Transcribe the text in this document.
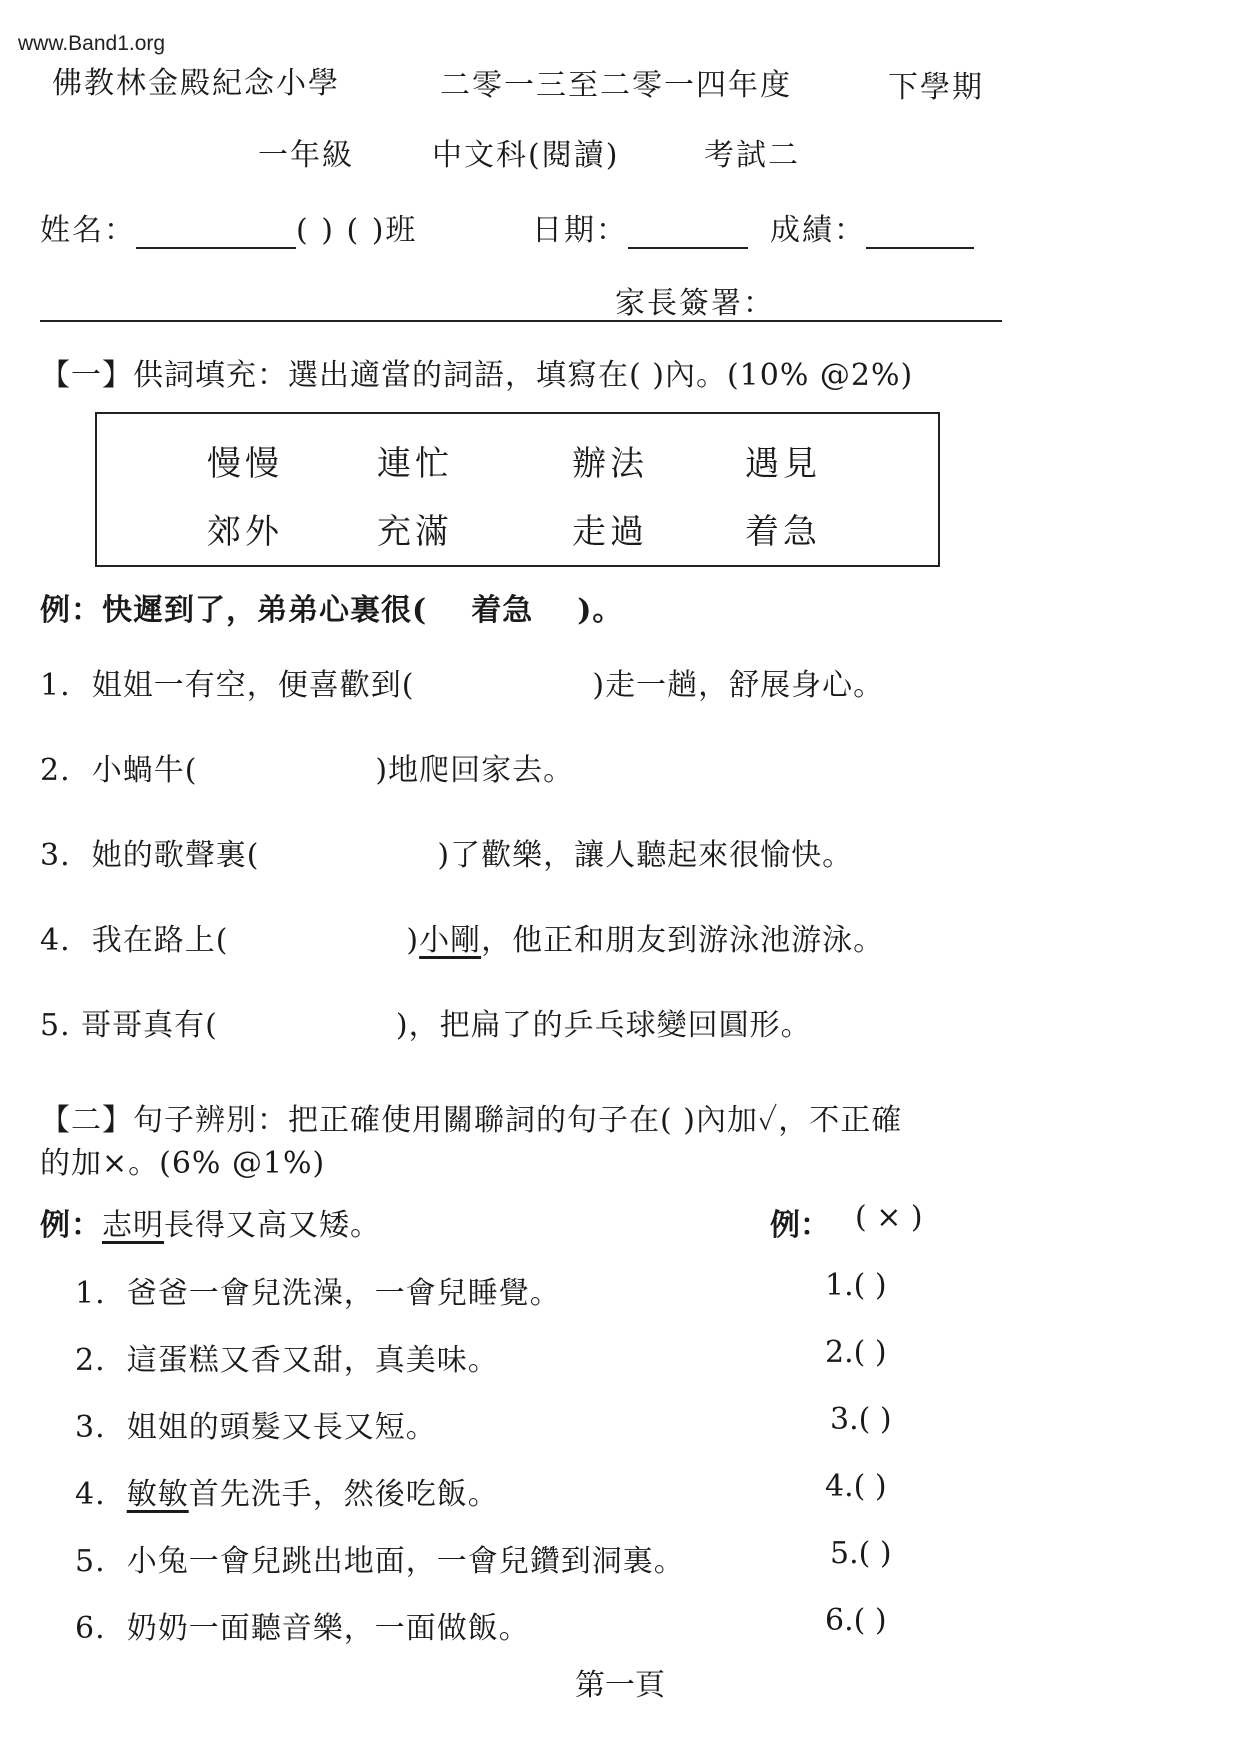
www.Band1.org
佛教林金殿紀念小學	二零一三至二零一四年度	下學期
一年級	中文科(閱讀)	考試二
姓名：	( ) ( )班	日期：	成績：
家長簽署：
【一】供詞填充：選出適當的詞語，填寫在( )內。(10% @2%)
慢慢	連忙	辦法	遇見
郊外	充滿	走過	着急
例：快遲到了，弟弟心裏很( 着急 )。
1. 姐姐一有空，便喜歡到(	)走一趟，舒展身心。
2. 小蝸牛(	)地爬回家去。
3. 她的歌聲裏(	)了歡樂，讓人聽起來很愉快。
4. 我在路上(	)小剛，他正和朋友到游泳池游泳。
5. 哥哥真有(	)，把扁了的乒乓球變回圓形。
【二】句子辨別：把正確使用關聯詞的句子在( )內加✓，不正確
的加×。(6% @1%)
例：志明長得又高又矮。	例： ( × )
1. 爸爸一會兒洗澡，一會兒睡覺。	1.( )
2. 這蛋糕又香又甜，真美味。	2.( )
3. 姐姐的頭髮又長又短。	3.( )
4. 敏敏首先洗手，然後吃飯。	4.( )
5. 小兔一會兒跳出地面，一會兒鑽到洞裏。	5.( )
6. 奶奶一面聽音樂，一面做飯。	6.( )
第一頁
